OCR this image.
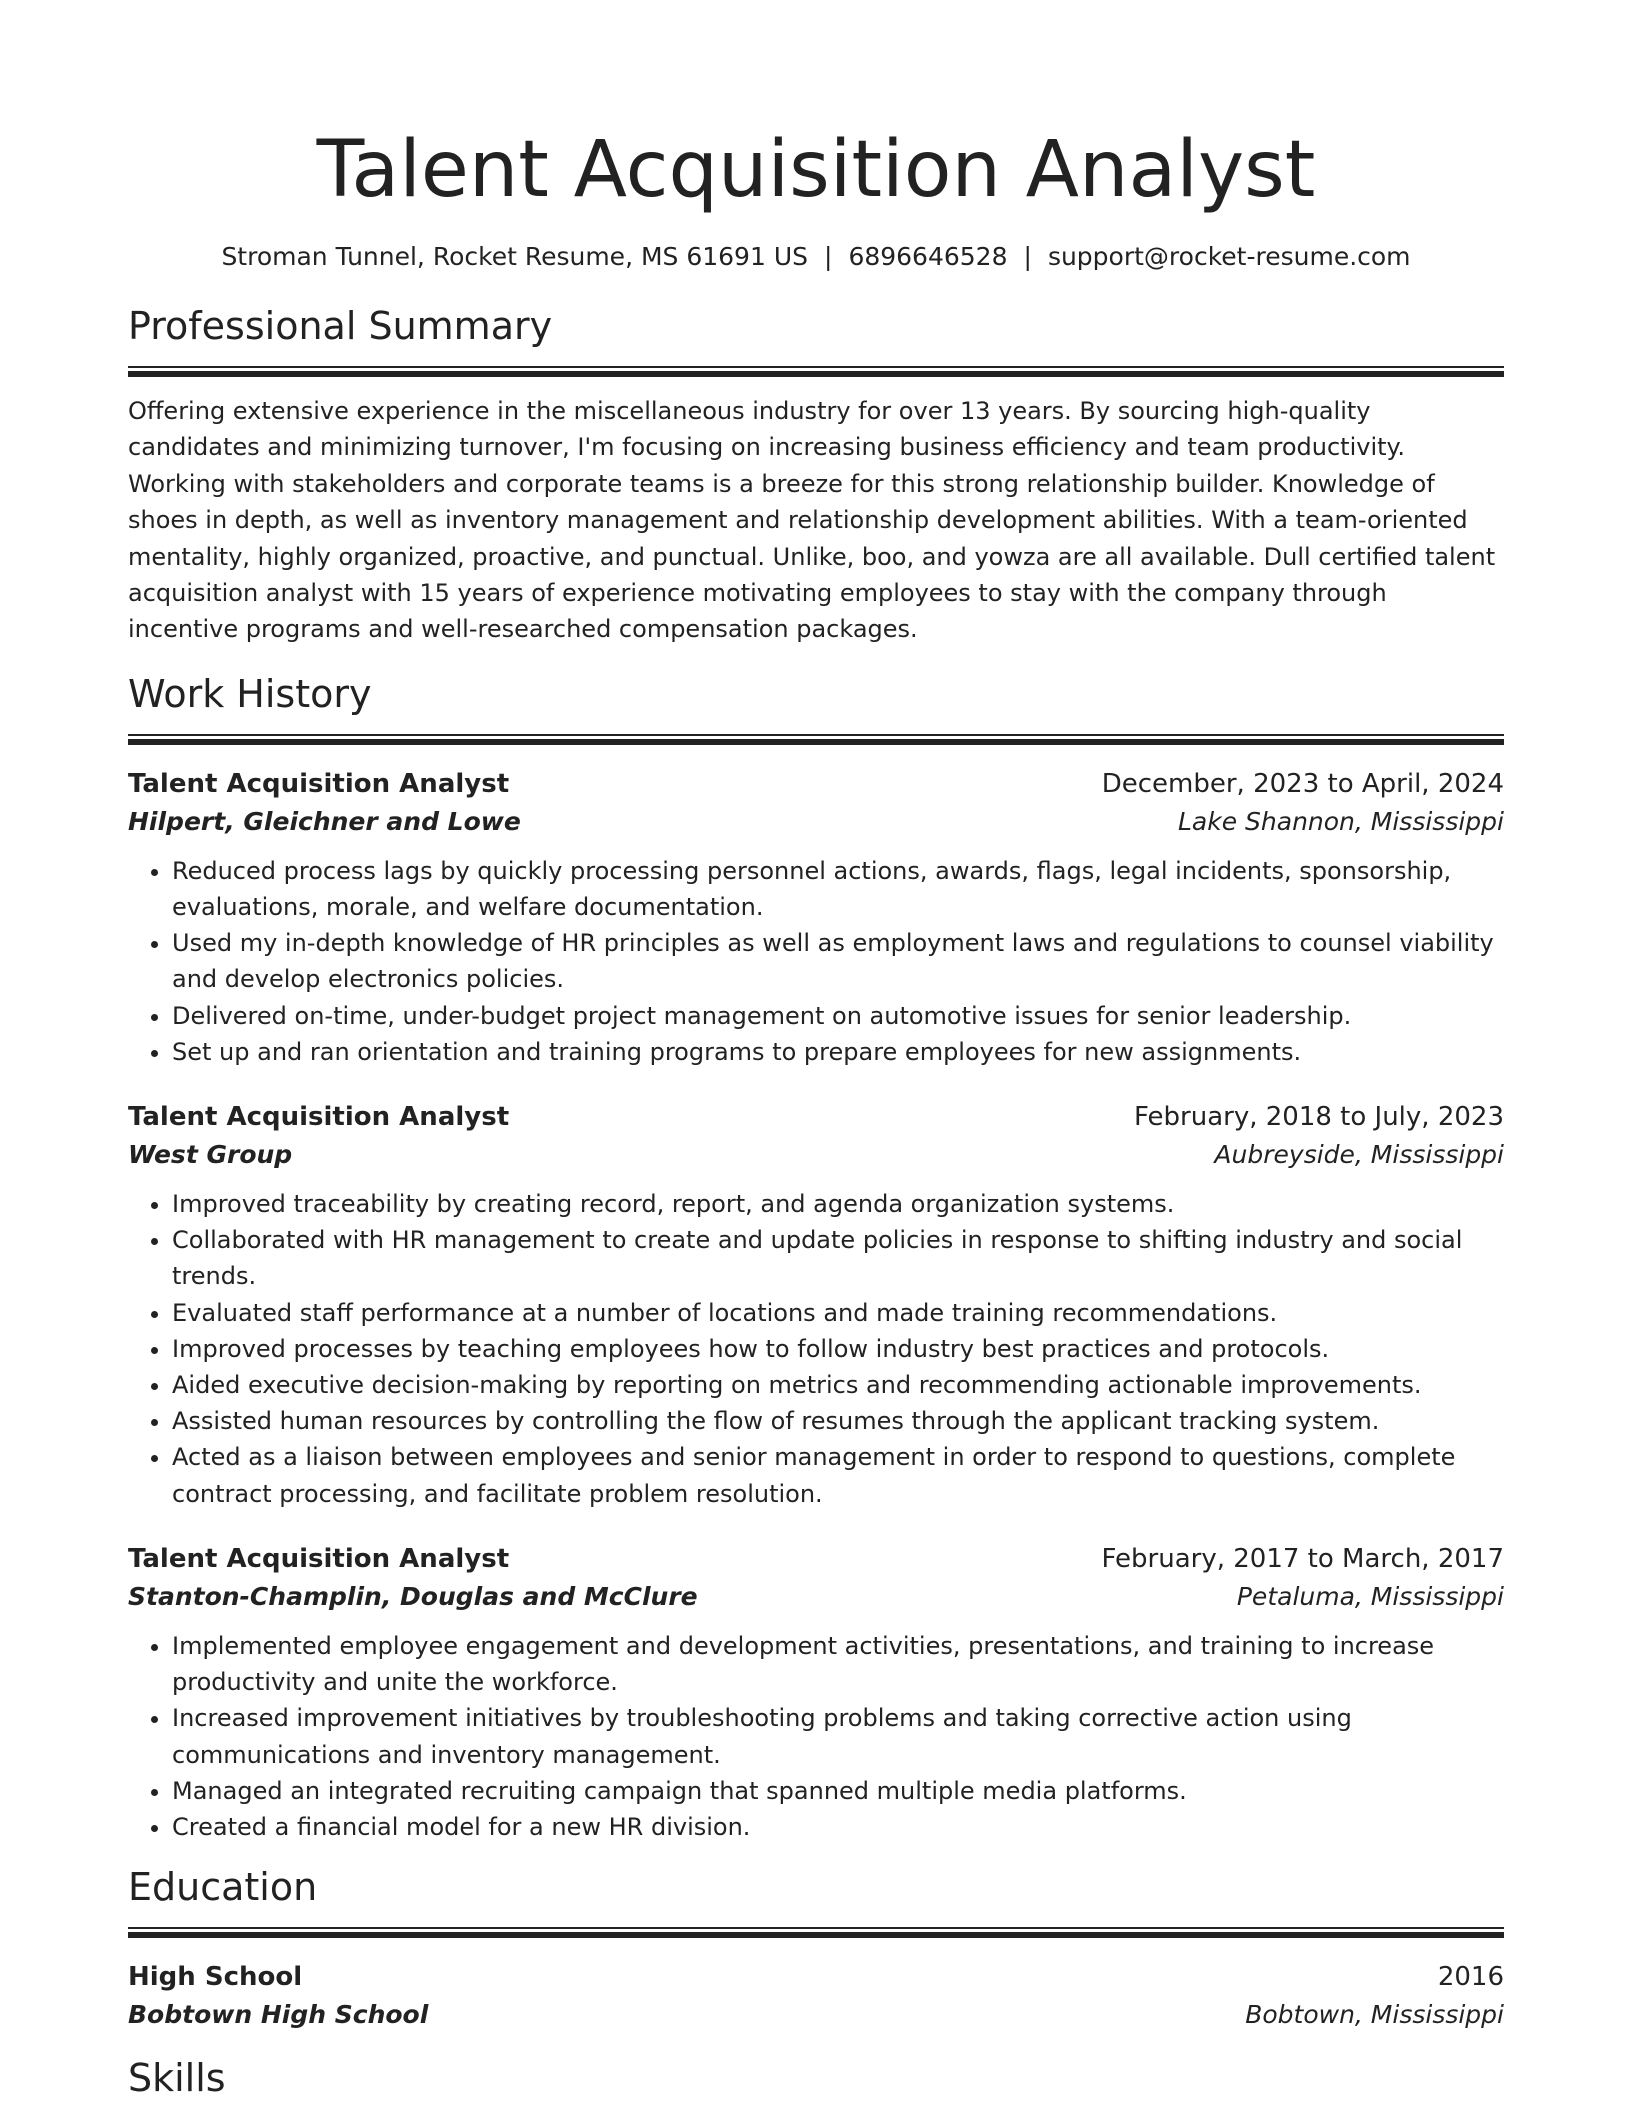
Talent Acquisition Analyst
Stroman Tunnel, Rocket Resume, MS 61691 US | 6896646528 | support@rocket-resume.com
Professional Summary
Offering extensive experience in the miscellaneous industry for over 13 years. By sourcing high-quality candidates and minimizing turnover, I'm focusing on increasing business efficiency and team productivity. Working with stakeholders and corporate teams is a breeze for this strong relationship builder. Knowledge of shoes in depth, as well as inventory management and relationship development abilities. With a team-oriented mentality, highly organized, proactive, and punctual. Unlike, boo, and yowza are all available. Dull certified talent acquisition analyst with 15 years of experience motivating employees to stay with the company through incentive programs and well-researched compensation packages.
Work History
Talent Acquisition Analyst	December, 2023 to April, 2024
Hilpert, Gleichner and Lowe	Lake Shannon, Mississippi
• Reduced process lags by quickly processing personnel actions, awards, flags, legal incidents, sponsorship, evaluations, morale, and welfare documentation.
• Used my in-depth knowledge of HR principles as well as employment laws and regulations to counsel viability and develop electronics policies.
• Delivered on-time, under-budget project management on automotive issues for senior leadership.
• Set up and ran orientation and training programs to prepare employees for new assignments.
Talent Acquisition Analyst	February, 2018 to July, 2023
West Group	Aubreyside, Mississippi
• Improved traceability by creating record, report, and agenda organization systems.
• Collaborated with HR management to create and update policies in response to shifting industry and social trends.
• Evaluated staff performance at a number of locations and made training recommendations.
• Improved processes by teaching employees how to follow industry best practices and protocols.
• Aided executive decision-making by reporting on metrics and recommending actionable improvements.
• Assisted human resources by controlling the flow of resumes through the applicant tracking system.
• Acted as a liaison between employees and senior management in order to respond to questions, complete contract processing, and facilitate problem resolution.
Talent Acquisition Analyst	February, 2017 to March, 2017
Stanton-Champlin, Douglas and McClure	Petaluma, Mississippi
• Implemented employee engagement and development activities, presentations, and training to increase productivity and unite the workforce.
• Increased improvement initiatives by troubleshooting problems and taking corrective action using communications and inventory management.
• Managed an integrated recruiting campaign that spanned multiple media platforms.
• Created a financial model for a new HR division.
Education
High School	2016
Bobtown High School	Bobtown, Mississippi
Skills
